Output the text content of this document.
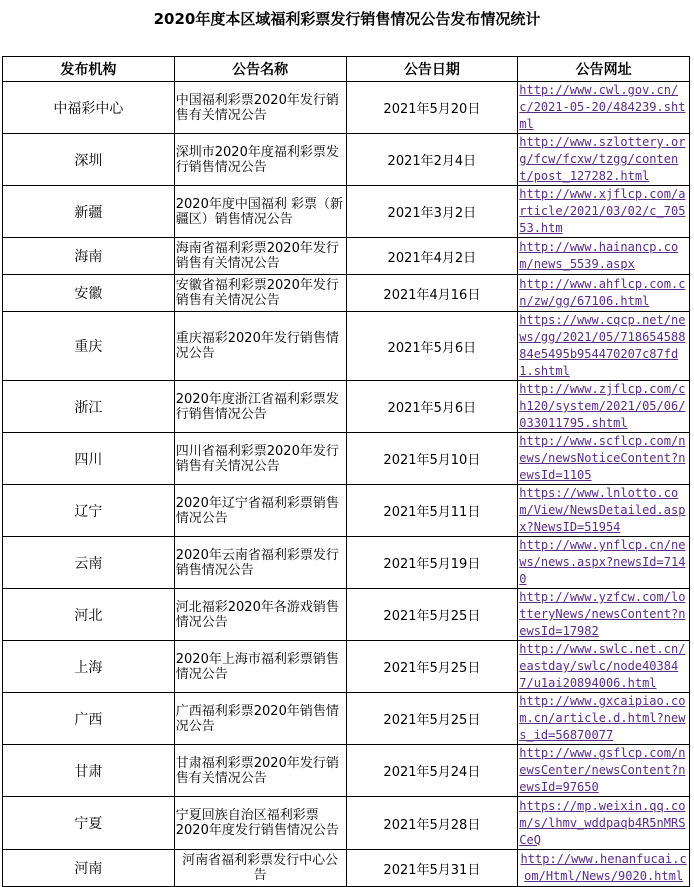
2020年度本区域福利彩票发行销售情况公告发布情况统计
发布机构	公告名称	公告日期	公告网址
中福彩中心	中国福利彩票2020年发行销售有关情况公告	2021年5月20日	http://www.cwl.gov.cn/c/2021-05-20/484239.shtml
深圳	深圳市2020年度福利彩票发行销售情况公告	2021年2月4日	http://www.szlottery.org/fcw/fcxw/tzgg/content/post_127282.html
新疆	2020年度中国福利 彩票（新疆区）销售情况公告	2021年3月2日	http://www.xjflcp.com/article/2021/03/02/c_70553.htm
海南	海南省福利彩票2020年发行销售有关情况公告	2021年4月2日	http://www.hainancp.com/news_5539.aspx
安徽	安徽省福利彩票2020年发行销售有关情况公告	2021年4月16日	http://www.ahflcp.com.cn/zw/gg/67106.html
重庆	重庆福彩2020年发行销售情况公告	2021年5月6日	https://www.cqcp.net/news/gg/2021/05/71865458884e5495b954470207c87fd1.shtml
浙江	2020年度浙江省福利彩票发行销售情况公告	2021年5月6日	http://www.zjflcp.com/ch120/system/2021/05/06/033011795.shtml
四川	四川省福利彩票2020年发行销售有关情况公告	2021年5月10日	http://www.scflcp.com/news/newsNoticeContent?newsId=1105
辽宁	2020年辽宁省福利彩票销售情况公告	2021年5月11日	https://www.lnlotto.com/View/NewsDetailed.aspx?NewsID=51954
云南	2020年云南省福利彩票发行销售情况公告	2021年5月19日	http://www.ynflcp.cn/news/news.aspx?newsId=7140
河北	河北福彩2020年各游戏销售情况公告	2021年5月25日	http://www.yzfcw.com/lotteryNews/newsContent?newsId=17982
上海	2020年上海市福利彩票销售情况公告	2021年5月25日	http://www.swlc.net.cn/eastday/swlc/node403847/u1ai20894006.html
广西	广西福利彩票2020年销售情况公告	2021年5月25日	http://www.gxcaipiao.com.cn/article.d.html?news_id=56870077
甘肃	甘肃福利彩票2020年发行销售有关情况公告	2021年5月24日	http://www.gsflcp.com/newsCenter/newsContent?newsId=97650
宁夏	宁夏回族自治区福利彩票2020年度发行销售情况公告	2021年5月28日	https://mp.weixin.qq.com/s/lhmv_wddpaqb4R5nMRSCeQ
河南	河南省福利彩票发行中心公告	2021年5月31日	http://www.henanfucai.com/Html/News/9020.html
